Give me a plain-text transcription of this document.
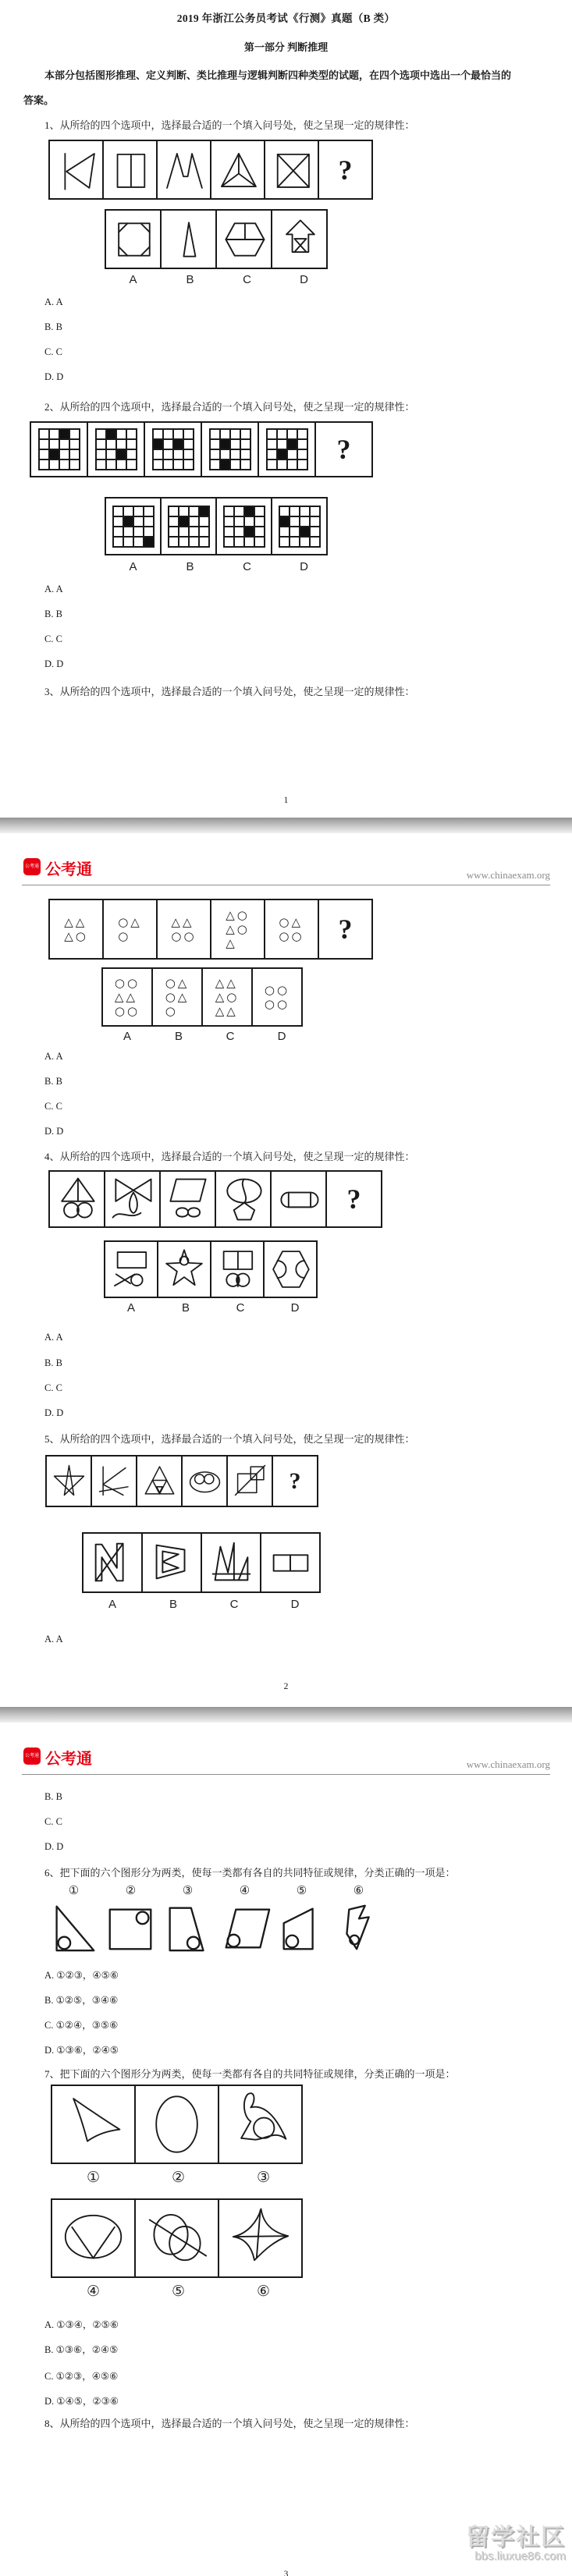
2019 年浙江公务员考试《行测》真题（B 类）
第一部分 判断推理
本部分包括图形推理、定义判断、类比推理与逻辑判断四种类型的试题，在四个选项中选出一个最恰当的
答案。
1、从所给的四个选项中，选择最合适的一个填入问号处，使之呈现一定的规律性：
?
A	B	C	D
A. A
B. B
C. C
D. D
2、从所给的四个选项中，选择最合适的一个填入问号处，使之呈现一定的规律性：
?
A	B	C	D
A. A
B. B
C. C
D. D
3、从所给的四个选项中，选择最合适的一个填入问号处，使之呈现一定的规律性：
1
公考通 公考通	www.chinaexam.org
△△
△○
○△
○
△△
○○
△○
△○
△
○△
○○ ?
○○
△△
○○
○△
○△
○
△△
△○
△△
○○
○○
A	B	C	D
A. A
B. B
C. C
D. D
4、从所给的四个选项中，选择最合适的一个填入问号处，使之呈现一定的规律性：
?
A	B	C	D
A. A
B. B
C. C
D. D
5、从所给的四个选项中，选择最合适的一个填入问号处，使之呈现一定的规律性：
?
A	B	C	D
A. A
2
公考通 公考通	www.chinaexam.org
B. B
C. C
D. D
6、把下面的六个图形分为两类，使每一类都有各自的共同特征或规律，分类正确的一项是：
①	②	③	④	⑤	⑥
A. ①②③，④⑤⑥
B. ①②⑤，③④⑥
C. ①②④，③⑤⑥
D. ①③⑥，②④⑤
7、把下面的六个图形分为两类，使每一类都有各自的共同特征或规律，分类正确的一项是：
①	②	③
④	⑤	⑥
A. ①③④，②⑤⑥
B. ①③⑥，②④⑤
C. ①②③，④⑤⑥
D. ①④⑤，②③⑥
8、从所给的四个选项中，选择最合适的一个填入问号处，使之呈现一定的规律性：
留学社区
bbs.liuxue86.com
3
